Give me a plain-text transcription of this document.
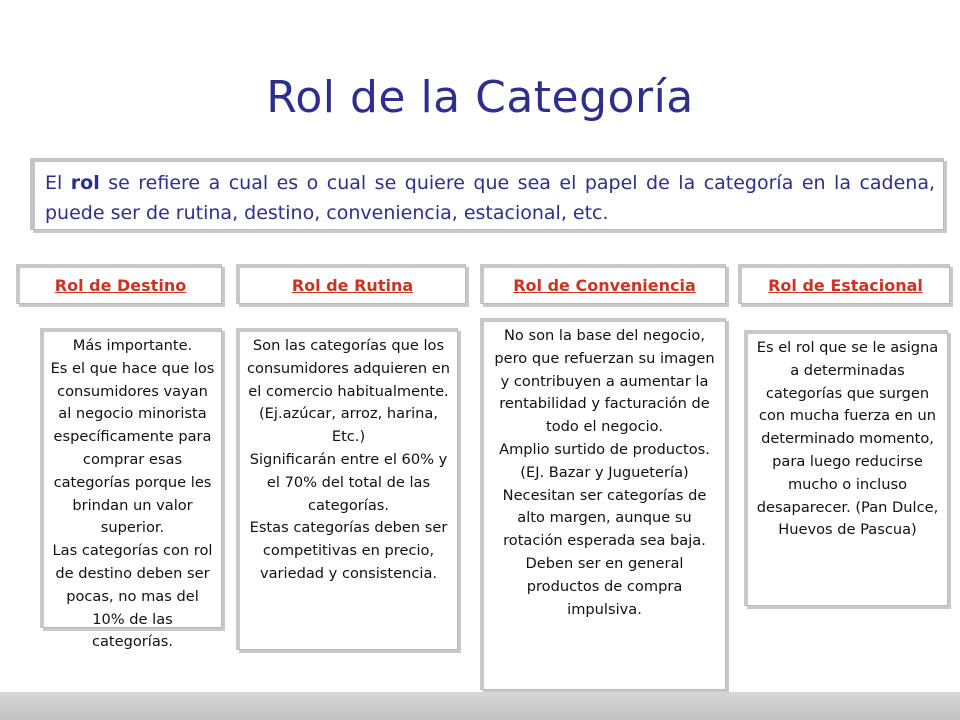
Rol de la Categoría
El rol se refiere a cual es o cual se quiere que sea el papel de la categoría en la cadena, puede ser de rutina, destino, conveniencia, estacional, etc.
Rol de Destino	Rol de Rutina	Rol de Conveniencia	Rol de Estacional
Más importante.
Es el que hace que los consumidores vayan al negocio minorista específicamente para comprar esas categorías porque les brindan un valor superior.
Las categorías con rol de destino deben ser pocas, no mas del 10% de las categorías.
Son las categorías que los consumidores adquieren en el comercio habitualmente. (Ej.azúcar, arroz, harina, Etc.)
Significarán entre el 60% y el 70% del total de las categorías.
Estas categorías deben ser competitivas en precio, variedad y consistencia.
No son la base del negocio, pero que refuerzan su imagen y contribuyen a aumentar la rentabilidad y facturación de todo el negocio.
Amplio surtido de productos. (EJ. Bazar y Juguetería)
Necesitan ser categorías de alto margen, aunque su rotación esperada sea baja.
Deben ser en general productos de compra impulsiva.
Es el rol que se le asigna a determinadas categorías que surgen con mucha fuerza en un determinado momento, para luego reducirse mucho o incluso desaparecer. (Pan Dulce, Huevos de Pascua)
